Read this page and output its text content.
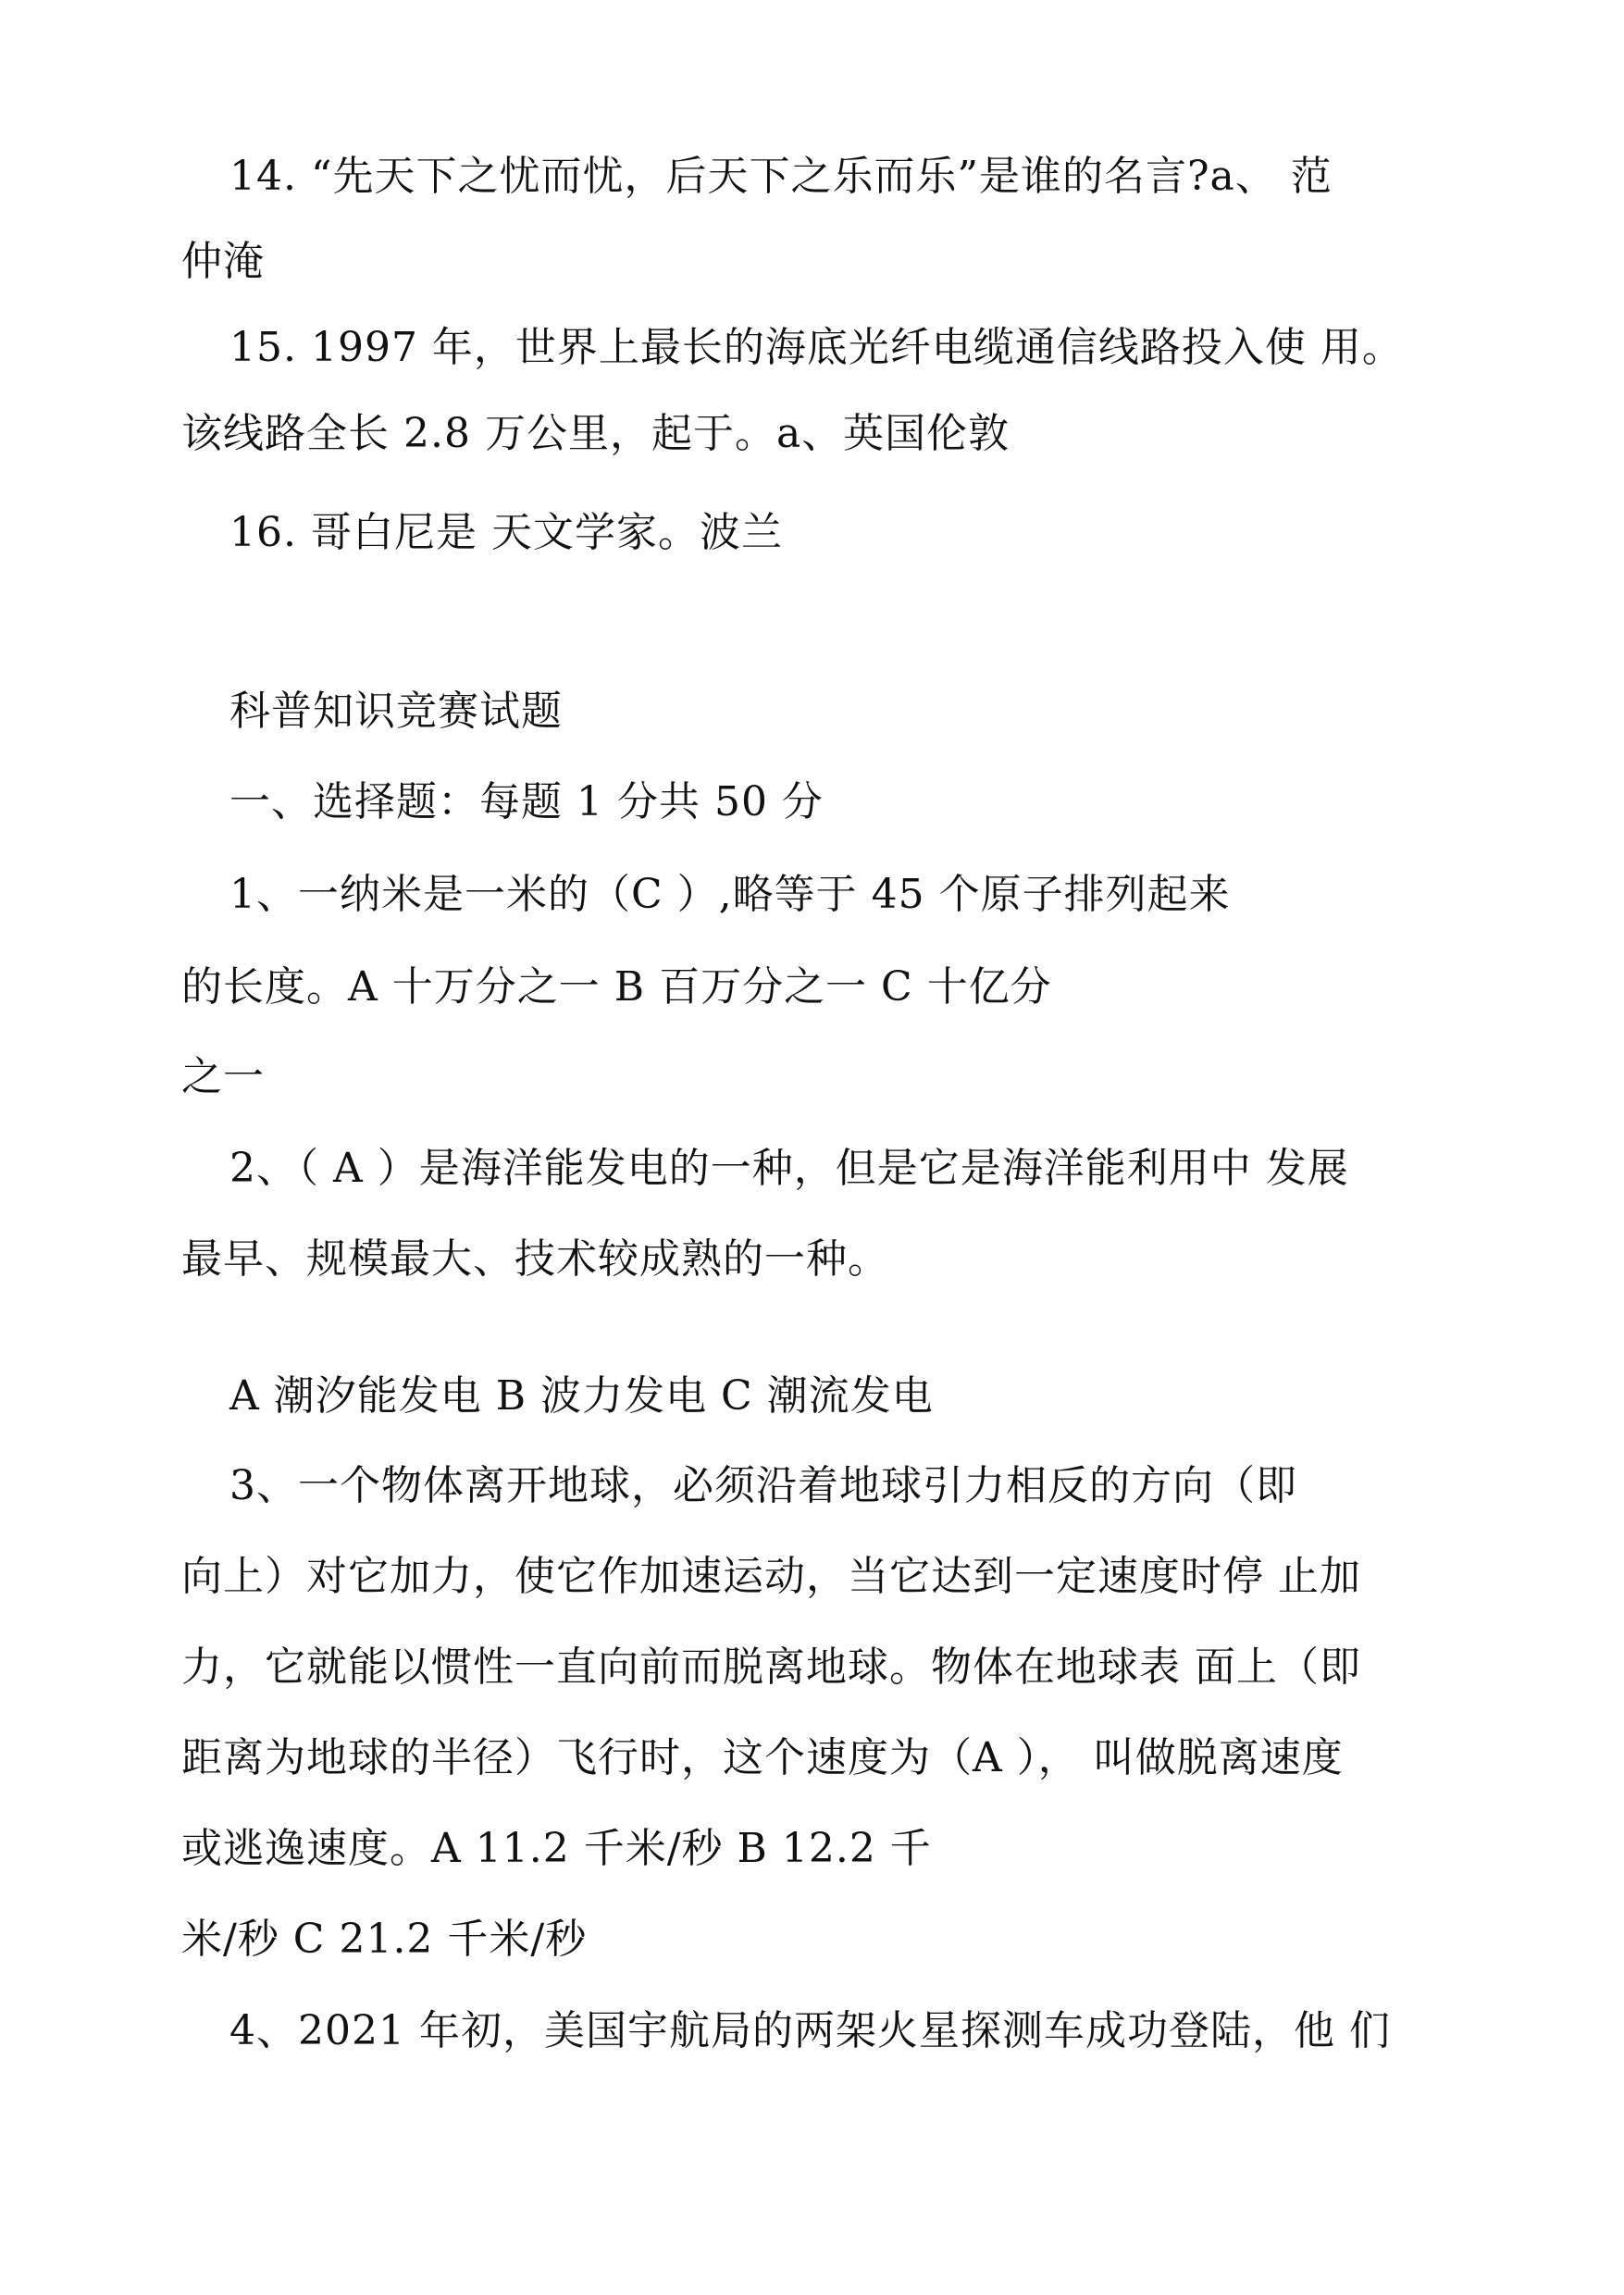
14. “先天下之忧而忧，后天下之乐而乐”是谁的名言?a、 范
仲淹
15. 1997 年，世界上最长的海底光纤电缆通信线路投入使 用。
该线路全长 2.8 万公里，起于。a、英国伦敦
16. 哥白尼是 天文学家。波兰
科普知识竞赛试题
一、选择题：每题 1 分共 50 分
1、一纳米是一米的（C ）,略等于 45 个原子排列起来
的长度。A 十万分之一 B 百万分之一 C 十亿分
之一
2、（ A ）是海洋能发电的一种，但是它是海洋能利用中 发展
最早、规模最大、技术较成熟的一种。
A 潮汐能发电 B 波力发电 C 潮流发电
3、一个物体离开地球，必须沿着地球引力相反的方向（即
向上）对它加力，使它作加速运动，当它达到一定速度时停 止加
力，它就能以惯性一直向前而脱离地球。物体在地球表 面上（即
距离为地球的半径）飞行时，这个速度为（A ）， 叫做脱离速度
或逃逸速度。A 11.2 千米/秒 B 12.2 千
米/秒 C 21.2 千米/秒
4、2021 年初，美国宇航局的两架火星探测车成功登陆，他 们
